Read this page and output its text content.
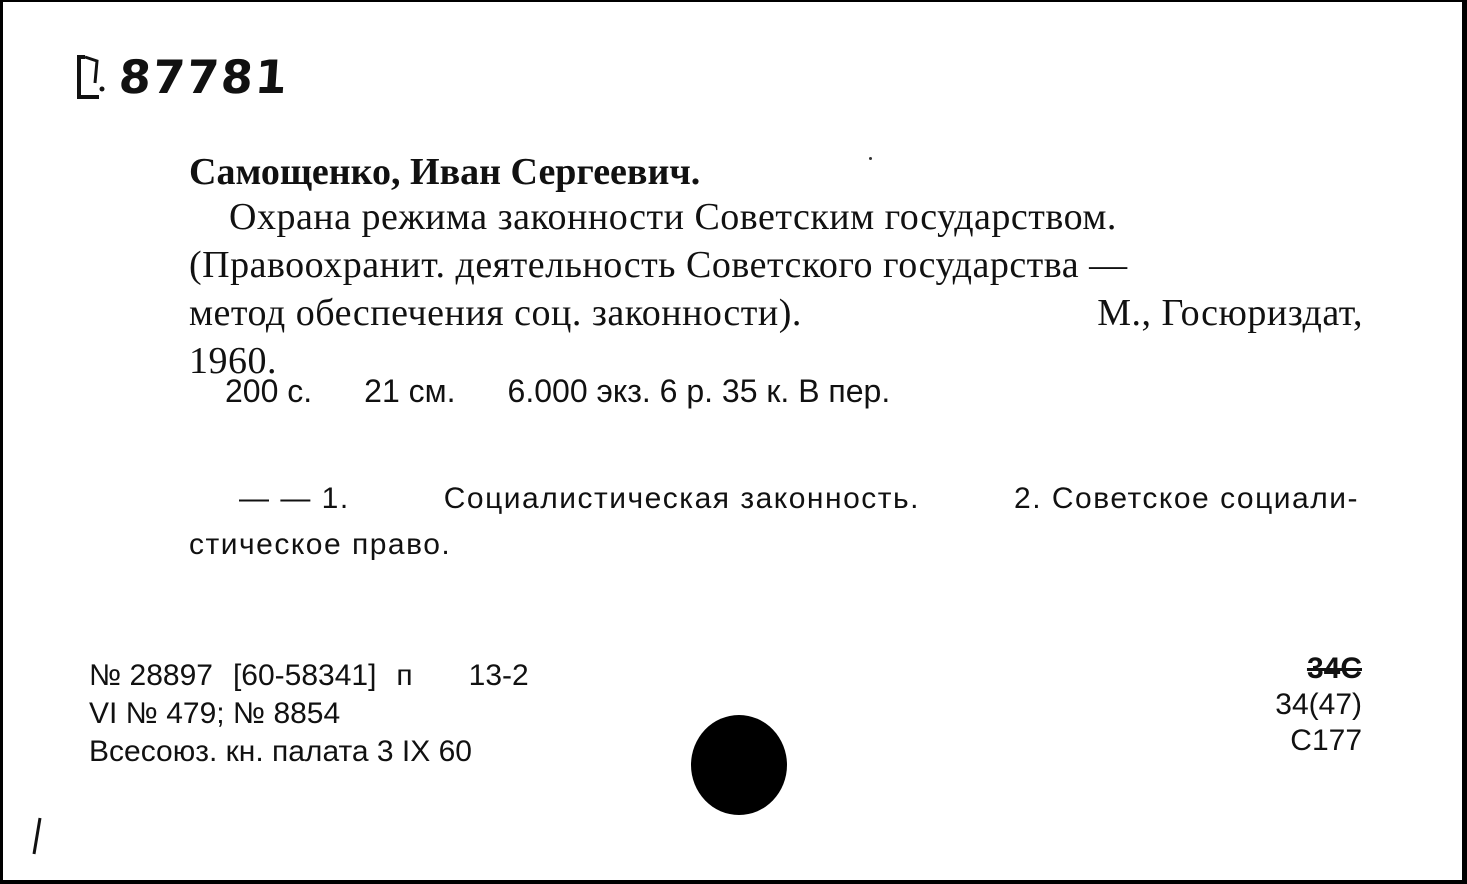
87781
Самощенко, Иван Сергеевич.
Охрана режима законности Советским государством.
(Правоохранит. деятельность Советского государства —
метод обеспечения соц. законности).	М., Госюриздат,
1960.
200 с. 21 см. 6.000 экз. 6 р. 35 к. В пер.
— — 1.	Социалистическая законность.	2. Советское социали-
стическое право.
№ 28897 [60-58341] п 13-2
VI № 479; № 8854
Всесоюз. кн. палата 3 IX 60
34С
34(47)
С177
